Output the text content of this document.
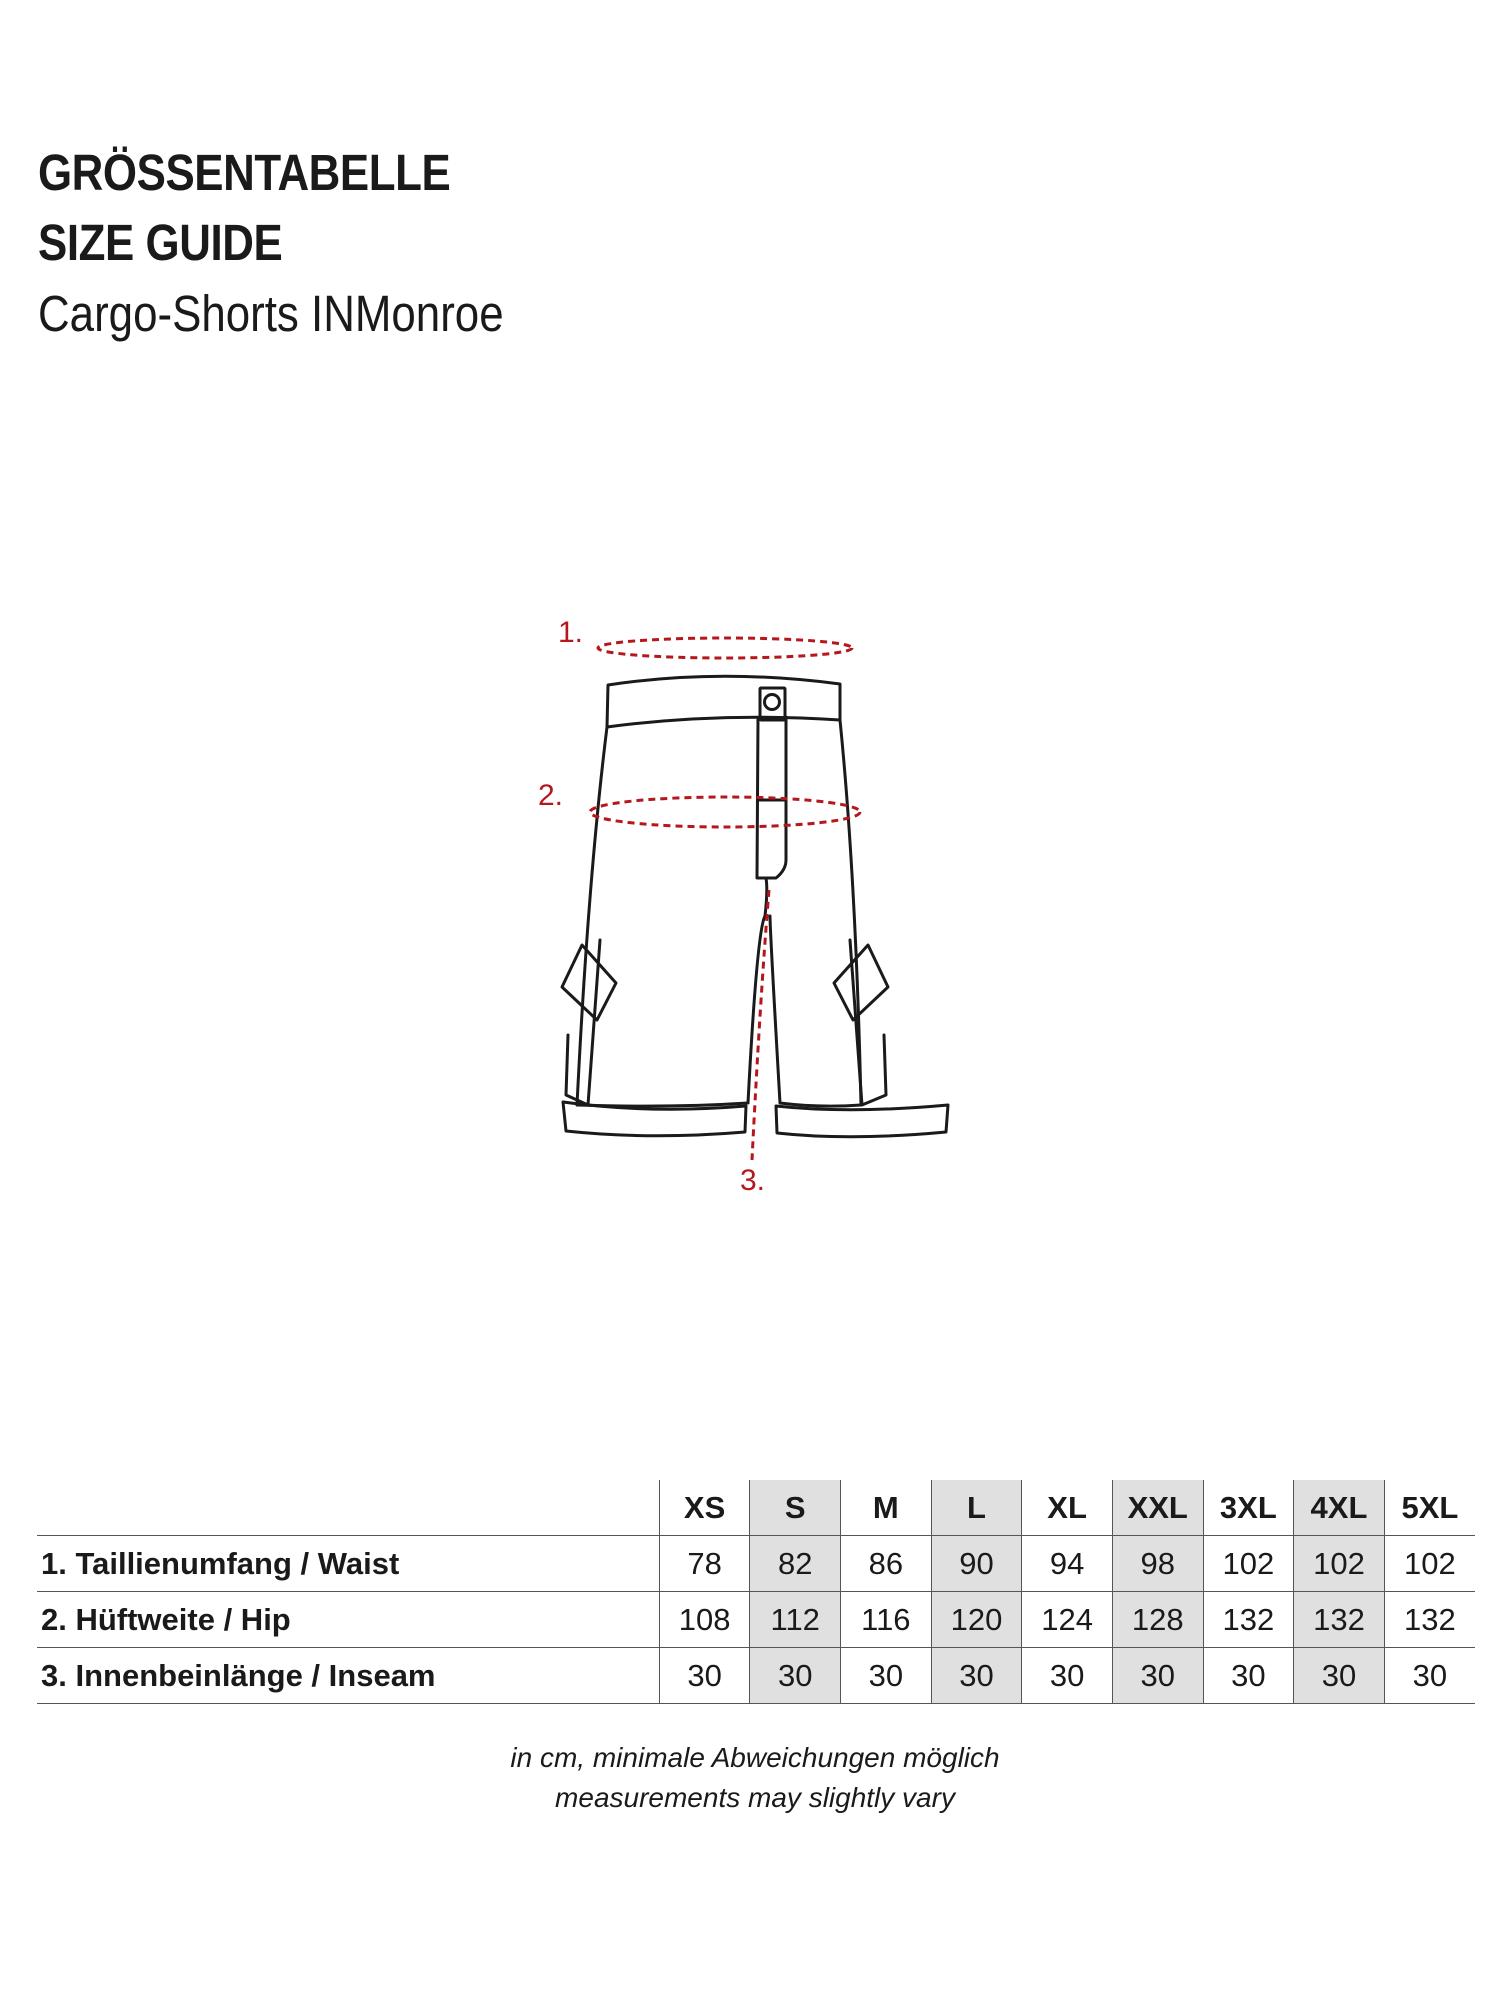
GRÖSSENTABELLE
SIZE GUIDE

Cargo-Shorts INMonroe

1.
2.
3.
	XS	S	M	L	XL	XXL	3XL	4XL	5XL
1. Taillienumfang / Waist	78	82	86	90	94	98	102	102	102
2. Hüftweite / Hip	108	112	116	120	124	128	132	132	132
3. Innenbeinlänge / Inseam	30	30	30	30	30	30	30	30	30

in cm, minimale Abweichungen möglich

measurements may slightly vary
